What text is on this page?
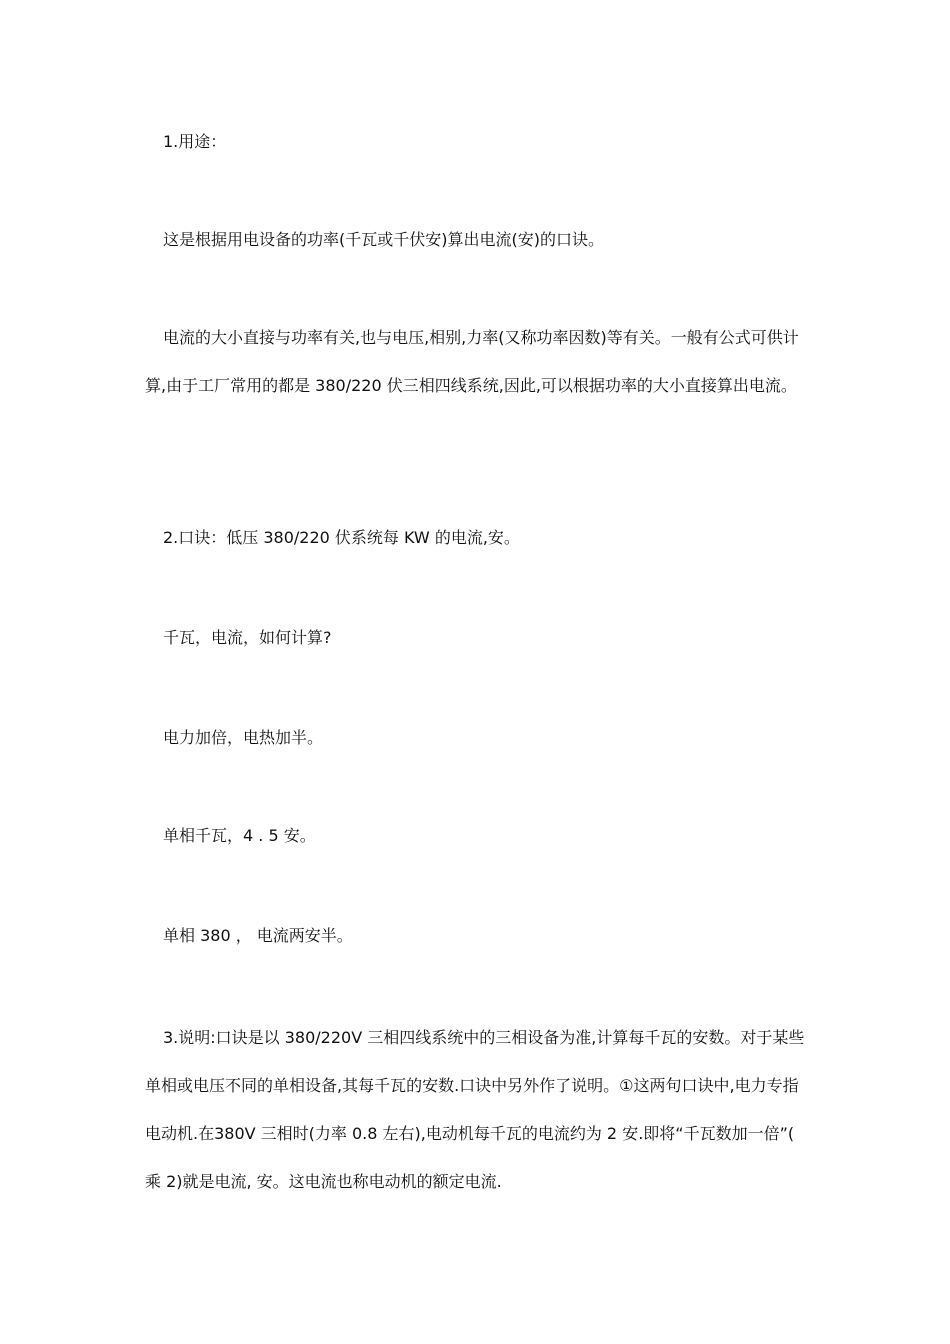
1.用途：

这是根据用电设备的功率(千瓦或千伏安)算出电流(安)的口诀。

电流的大小直接与功率有关,也与电压,相别,力率(又称功率因数)等有关。一般有公式可供计算,由于工厂常用的都是 380/220 伏三相四线系统,因此,可以根据功率的大小直接算出电流。

2.口诀：低压 380/220 伏系统每 KW 的电流,安。

千瓦，电流，如何计算?

电力加倍，电热加半。

单相千瓦，4 . 5 安。

单相 380 ， 电流两安半。

3.说明:口诀是以 380/220V 三相四线系统中的三相设备为准,计算每千瓦的安数。对于某些单相或电压不同的单相设备,其每千瓦的安数.口诀中另外作了说明。①这两句口诀中,电力专指电动机.在380V 三相时(力率 0.8 左右),电动机每千瓦的电流约为 2 安.即将“千瓦数加一倍”( 乘 2)就是电流, 安。这电流也称电动机的额定电流.
